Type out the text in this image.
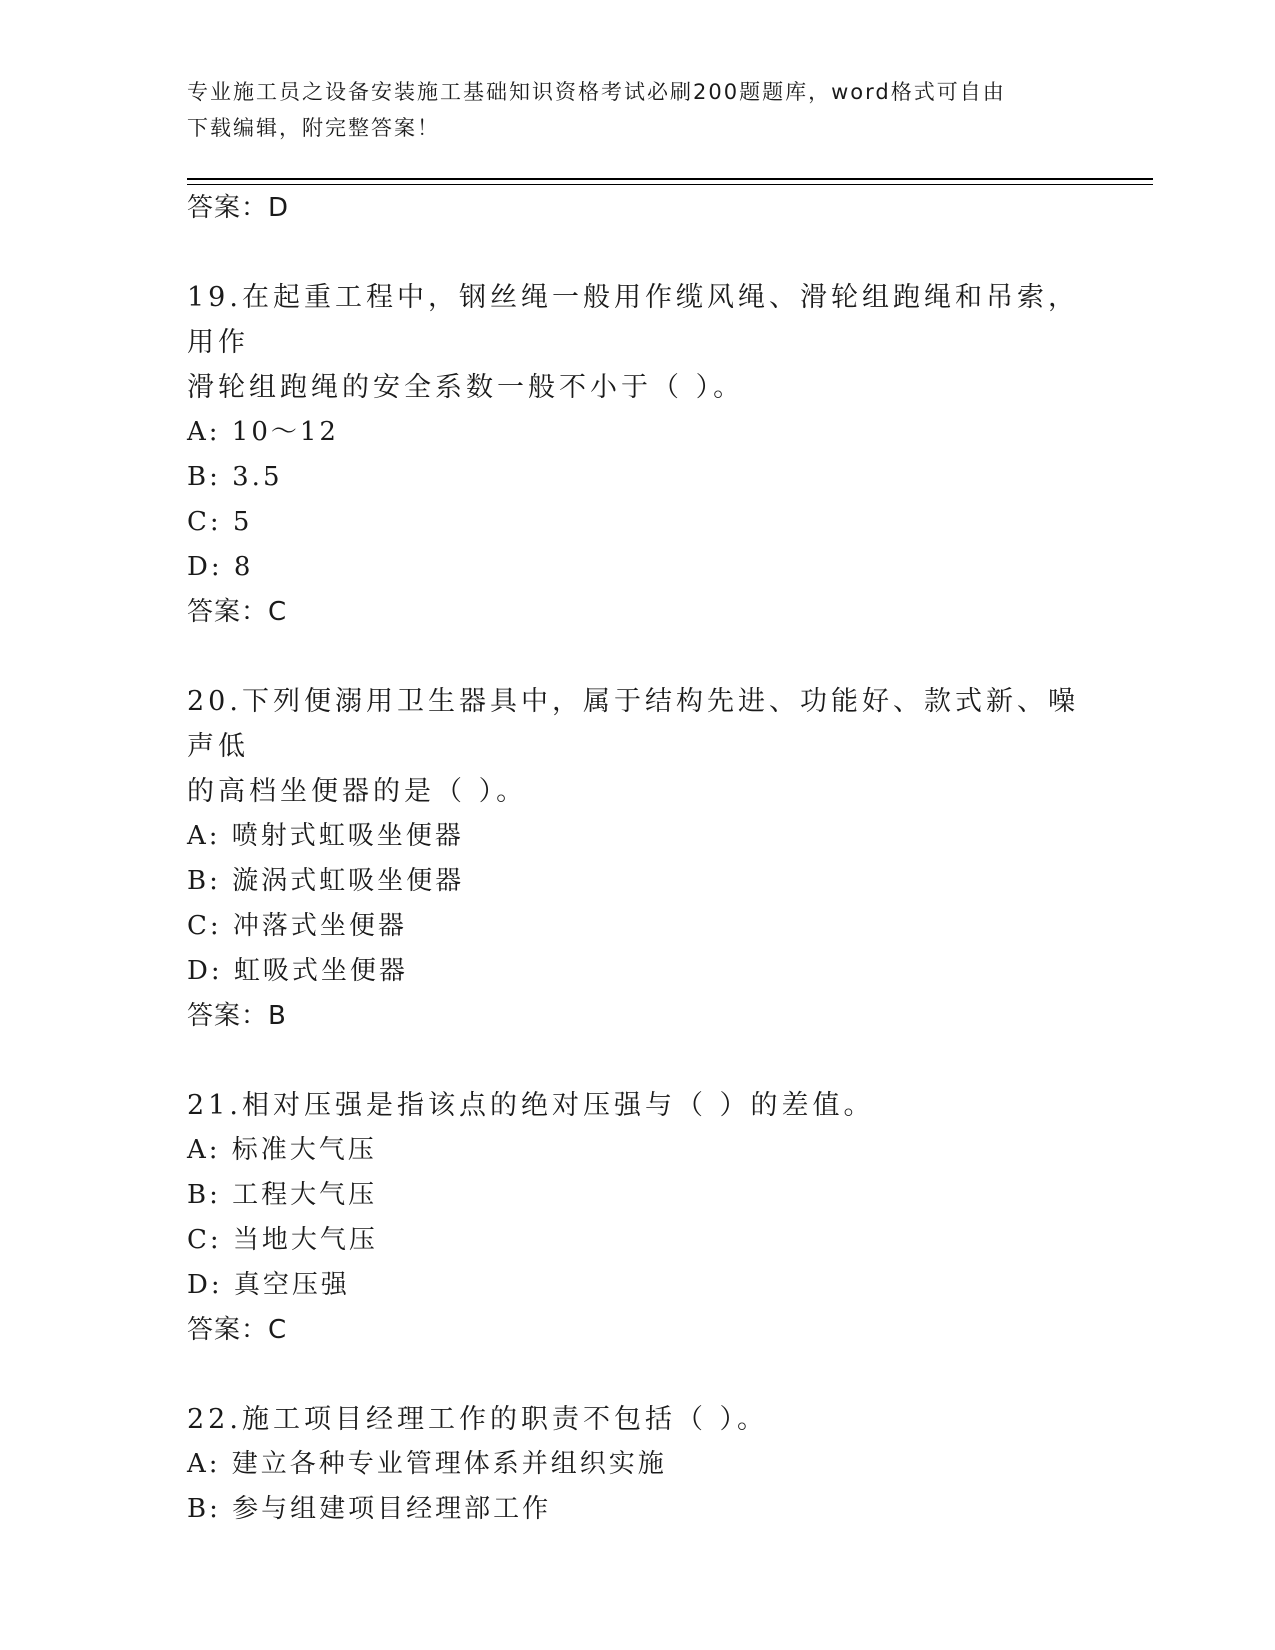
专业施工员之设备安装施工基础知识资格考试必刷200题题库，word格式可自由
下载编辑，附完整答案！
答案：D
19.在起重工程中，钢丝绳一般用作缆风绳、滑轮组跑绳和吊索，用作
滑轮组跑绳的安全系数一般不小于（ ）。
A: 10～12
B: 3.5
C: 5
D: 8
答案：C
20.下列便溺用卫生器具中，属于结构先进、功能好、款式新、噪声低
的高档坐便器的是（ ）。
A: 喷射式虹吸坐便器
B: 漩涡式虹吸坐便器
C: 冲落式坐便器
D: 虹吸式坐便器
答案：B
21.相对压强是指该点的绝对压强与（ ）的差值。
A: 标准大气压
B: 工程大气压
C: 当地大气压
D: 真空压强
答案：C
22.施工项目经理工作的职责不包括（ ）。
A: 建立各种专业管理体系并组织实施
B: 参与组建项目经理部工作
